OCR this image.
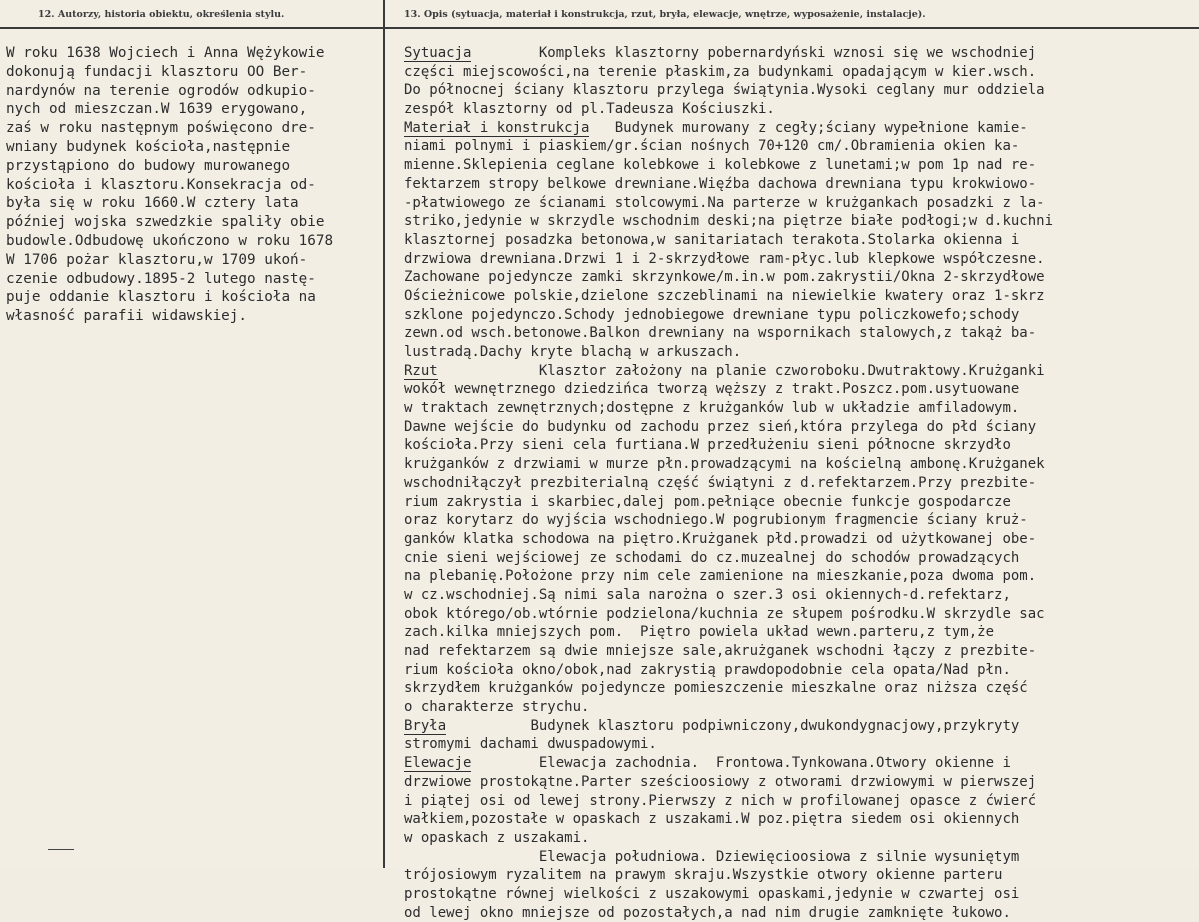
12. Autorzy, historia obiektu, określenia stylu.	13. Opis (sytuacja, materiał i konstrukcja, rzut, bryła, elewacje, wnętrze, wyposażenie, instalacje).
W roku 1638 Wojciech i Anna Wężykowie
dokonują fundacji klasztoru OO Ber-
nardynów na terenie ogrodów odkupio-
nych od mieszczan.W 1639 erygowano,
zaś w roku następnym poświęcono dre-
wniany budynek kościoła,następnie
przystąpiono do budowy murowanego
kościoła i klasztoru.Konsekracja od-
była się w roku 1660.W cztery lata
później wojska szwedzkie spaliły obie
budowle.Odbudowę ukończono w roku 1678
W 1706 pożar klasztoru,w 1709 ukoń-
czenie odbudowy.1895-2 lutego nastę-
puje oddanie klasztoru i kościoła na
własność parafii widawskiej.
Sytuacja        Kompleks klasztorny pobernardyński wznosi się we wschodniej
części miejscowości,na terenie płaskim,za budynkami opadającym w kier.wsch.
Do północnej ściany klasztoru przylega świątynia.Wysoki ceglany mur oddziela
zespół klasztorny od pl.Tadeusza Kościuszki.
Materiał i konstrukcja   Budynek murowany z cegły;ściany wypełnione kamie-
niami polnymi i piaskiem/gr.ścian nośnych 70+120 cm/.Obramienia okien ka-
mienne.Sklepienia ceglane kolebkowe i kolebkowe z lunetami;w pom 1p nad re-
fektarzem stropy belkowe drewniane.Więźba dachowa drewniana typu krokwiowo-
-płatwiowego ze ścianami stolcowymi.Na parterze w krużgankach posadzki z la-
striko,jedynie w skrzydle wschodnim deski;na piętrze białe podłogi;w d.kuchni
klasztornej posadzka betonowa,w sanitariatach terakota.Stolarka okienna i
drzwiowa drewniana.Drzwi 1 i 2-skrzydłowe ram-płyc.lub klepkowe współczesne.
Zachowane pojedyncze zamki skrzynkowe/m.in.w pom.zakrystii/Okna 2-skrzydłowe
Ościeżnicowe polskie,dzielone szczeblinami na niewielkie kwatery oraz 1-skrz
szklone pojedynczo.Schody jednobiegowe drewniane typu policzkowefo;schody
zewn.od wsch.betonowe.Balkon drewniany na wspornikach stalowych,z takąż ba-
lustradą.Dachy kryte blachą w arkuszach.
Rzut            Klasztor założony na planie czworoboku.Dwutraktowy.Krużganki
wokół wewnętrznego dziedzińca tworzą węższy z trakt.Poszcz.pom.usytuowane
w traktach zewnętrznych;dostępne z krużganków lub w układzie amfiladowym.
Dawne wejście do budynku od zachodu przez sień,która przylega do płd ściany
kościoła.Przy sieni cela furtiana.W przedłużeniu sieni północne skrzydło
krużganków z drzwiami w murze płn.prowadzącymi na kościelną ambonę.Krużganek
wschodniłączył prezbiterialną część świątyni z d.refektarzem.Przy prezbite-
rium zakrystia i skarbiec,dalej pom.pełniące obecnie funkcje gospodarcze
oraz korytarz do wyjścia wschodniego.W pogrubionym fragmencie ściany kruż-
ganków klatka schodowa na piętro.Krużganek płd.prowadzi od użytkowanej obe-
cnie sieni wejściowej ze schodami do cz.muzealnej do schodów prowadzących
na plebanię.Położone przy nim cele zamienione na mieszkanie,poza dwoma pom.
w cz.wschodniej.Są nimi sala narożna o szer.3 osi okiennych-d.refektarz,
obok którego/ob.wtórnie podzielona/kuchnia ze słupem pośrodku.W skrzydle sac
zach.kilka mniejszych pom.  Piętro powiela układ wewn.parteru,z tym,że
nad refektarzem są dwie mniejsze sale,akrużganek wschodni łączy z prezbite-
rium kościoła okno/obok,nad zakrystią prawdopodobnie cela opata/Nad płn.
skrzydłem krużganków pojedyncze pomieszczenie mieszkalne oraz niższa część
o charakterze strychu.
Bryła          Budynek klasztoru podpiwniczony,dwukondygnacjowy,przykryty
stromymi dachami dwuspadowymi.
Elewacje        Elewacja zachodnia.  Frontowa.Tynkowana.Otwory okienne i
drzwiowe prostokątne.Parter sześcioosiowy z otworami drzwiowymi w pierwszej
i piątej osi od lewej strony.Pierwszy z nich w profilowanej opasce z ćwierć
wałkiem,pozostałe w opaskach z uszakami.W poz.piętra siedem osi okiennych
w opaskach z uszakami.
Elewacja południowa. Dziewięcioosiowa z silnie wysuniętym
trójosiowym ryzalitem na prawym skraju.Wszystkie otwory okienne parteru
prostokątne równej wielkości z uszakowymi opaskami,jedynie w czwartej osi
od lewej okno mniejsze od pozostałych,a nad nim drugie zamknięte łukowo.
